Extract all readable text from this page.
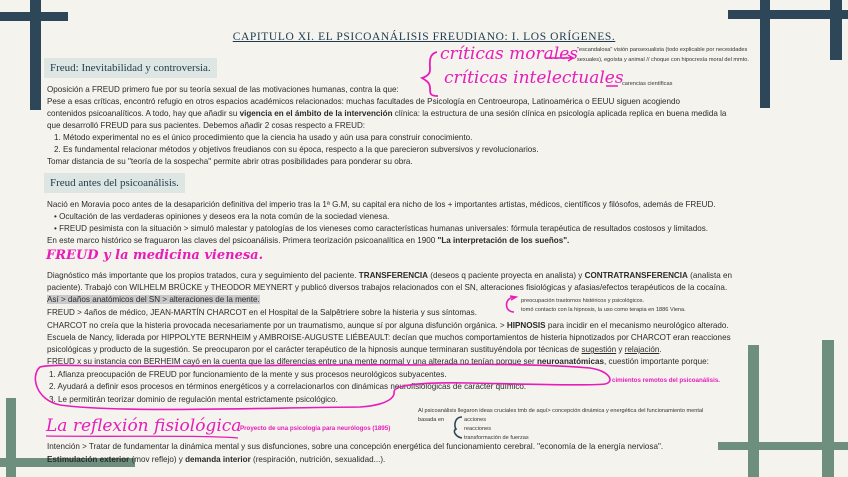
CAPITULO XI. EL PSICOANÁLISIS FREUDIANO: I. LOS ORÍGENES.
Freud: Inevitabilidad y controversia.
Oposición a FREUD primero fue por su teoría sexual de las motivaciones humanas, contra la que:
Pese a esas críticas, encontró refugio en otros espacios académicos relacionados: muchas facultades de Psicología en Centroeuropa, Latinoamérica o EEUU siguen acogiendo
contenidos psicoanalíticos. A todo, hay que añadir su vigencia en el ámbito de la intervención clínica: la estructura de una sesión clínica en psicología aplicada replica en buena medida la
que desarrolló FREUD para sus pacientes. Debemos añadir 2 cosas respecto a FREUD:
1. Método experimental no es el único procedimiento que la ciencia ha usado y aún usa para construir conocimiento.
2. Es fundamental relacionar métodos y objetivos freudianos con su época, respecto a la que parecieron subversivos y revolucionarios.
Tomar distancia de su "teoría de la sospecha" permite abrir otras posibilidades para ponderar su obra.
Freud antes del psicoanálisis.
Nació en Moravia poco antes de la desaparición definitiva del imperio tras la 1ª G.M, su capital era nicho de los + importantes artistas, médicos, científicos y filósofos, además de FREUD.
• Ocultación de las verdaderas opiniones y deseos era la nota común de la sociedad vienesa.
• FREUD pesimista con la situación > simuló malestar y patologías de los vieneses como características humanas universales: fórmula terapéutica de resultados costosos y limitados.
En este marco histórico se fraguaron las claves del psicoanálisis. Primera teorización psicoanalítica en 1900 "La interpretación de los sueños".
Diagnóstico más importante que los propios tratados, cura y seguimiento del paciente. TRANSFERENCIA (deseos q paciente proyecta en analista) y CONTRATRANSFERENCIA (analista en
paciente). Trabajó con WILHELM BRÜCKE y THEODOR MEYNERT y publicó diversos trabajos relacionados con el SN, alteraciones fisiológicas y afasias/efectos terapéuticos de la cocaína.
Así > daños anatómicos del SN > alteraciones de la mente.
FREUD > 4años de médico, JEAN-MARTÍN CHARCOT en el Hospital de la Salpêtriere sobre la histeria y sus síntomas.
CHARCOT no creía que la histeria provocada necesariamente por un traumatismo, aunque sí por alguna disfunción orgánica. > HIPNOSIS para incidir en el mecanismo neurológico alterado.
Escuela de Nancy, liderada por HIPPOLYTE BERNHEIM y AMBROISE-AUGUSTE LIÉBEAULT: decían que muchos comportamientos de histeria hipnotizados por CHARCOT eran reacciones
psicológicas y producto de la sugestión. Se preocuparon por el carácter terapéutico de la hipnosis aunque terminaran sustituyéndola por técnicas de sugestión y relajación.
FREUD x su instancia con BERHEIM cayó en la cuenta que las diferencias entre una mente normal y una alterada no tenían porque ser neuroanatómicas, cuestión importante porque:
1. Afianza preocupación de FREUD por funcionamiento de la mente y sus procesos neurológicos subyacentes.
2. Ayudará a definir esos procesos en términos energéticos y a correlacionarlos con dinámicas neurofisiológicas de carácter químico.
3. Le permitirán teorizar dominio de regulación mental estrictamente psicológico.
Intención > Tratar de fundamentar la dinámica mental y sus disfunciones, sobre una concepción energética del funcionamiento cerebral. "economía de la energía nerviosa".
Estimulación exterior (mov reflejo) y demanda interior (respiración, nutrición, sexualidad...).
críticas morales
críticas intelectuales
"escandalosa" visión pansexualista (todo explicable por necesidades
sexuales), egoísta y animal // choque con hipocresía moral del mmto.
carencias científicas
FREUD y la medicina vienesa.
preocupación trastornos histéricos y psicológicos.
tomó contacto con la hipnosis, la uso como terapia en 1886 Viena.
cimientos remotos del psicoanálisis.
La reflexión fisiológica
Proyecto de una psicología para neurólogos (1895)
Al psicoanálisis llegaron ideas cruciales tmb de aquí> concepción dinámica y energética del funcionamiento mental
basada en	acciones
reacciones
transformación de fuerzas
